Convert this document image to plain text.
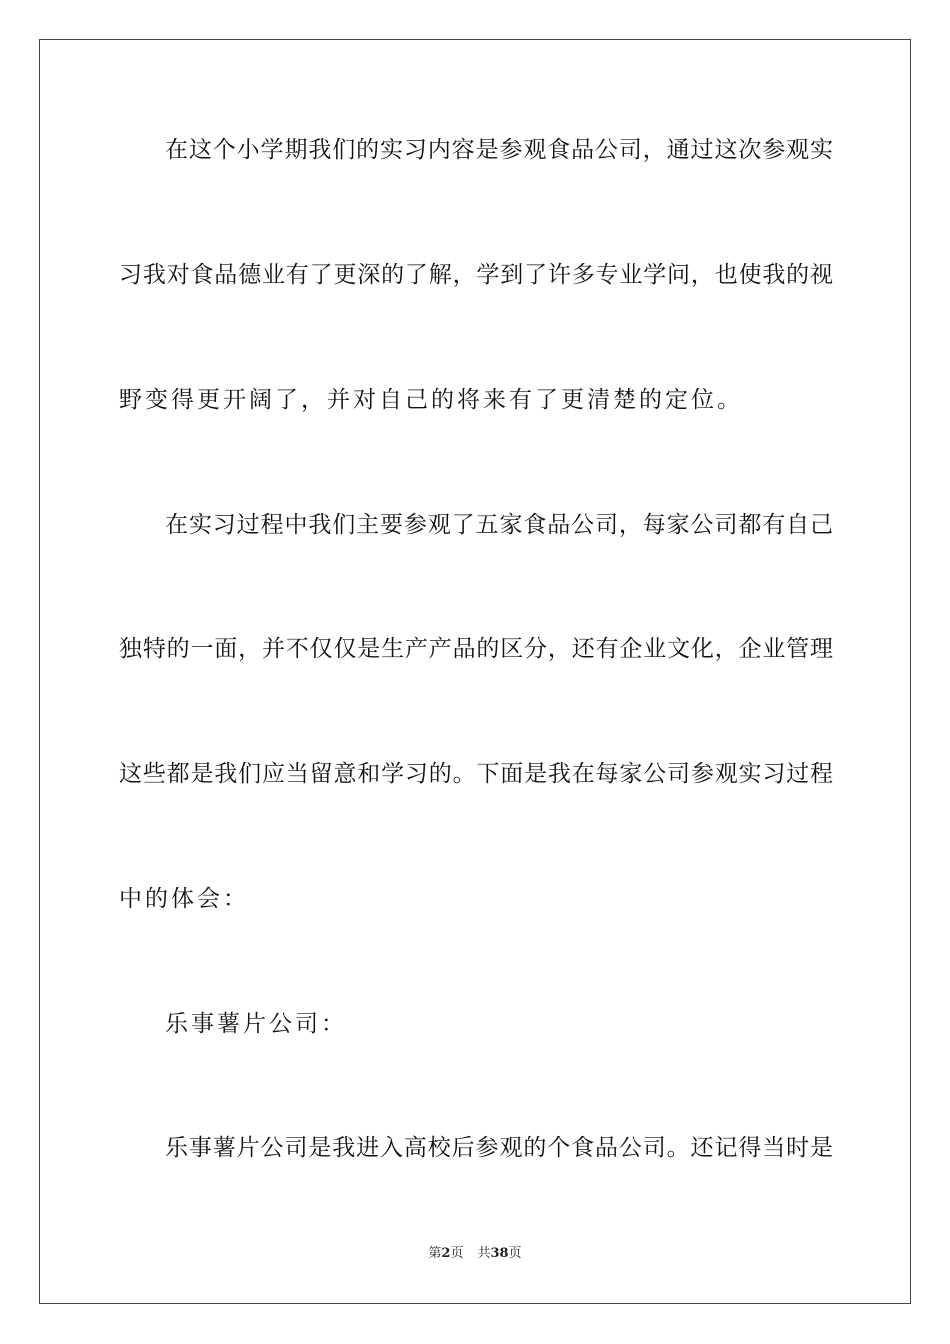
在这个小学期我们的实习内容是参观食品公司，通过这次参观实
习我对食品德业有了更深的了解，学到了许多专业学问，也使我的视
野变得更开阔了，并对自己的将来有了更清楚的定位。
在实习过程中我们主要参观了五家食品公司，每家公司都有自己
独特的一面，并不仅仅是生产产品的区分，还有企业文化，企业管理
这些都是我们应当留意和学习的。下面是我在每家公司参观实习过程
中的体会：
乐事薯片公司：
乐事薯片公司是我进入高校后参观的个食品公司。还记得当时是
第2页 共38页
